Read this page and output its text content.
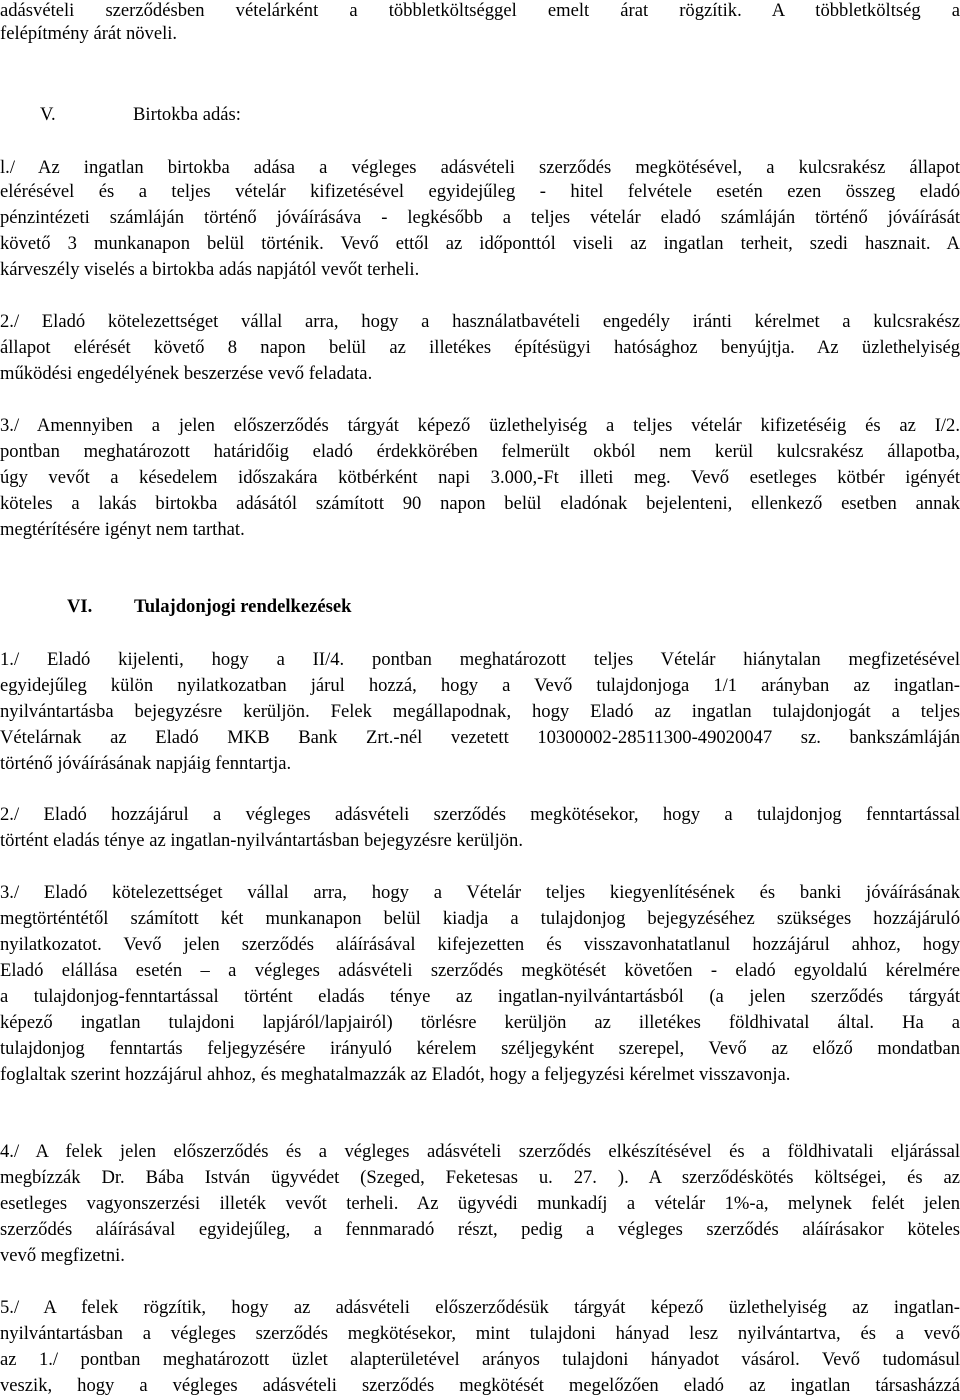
adásvételi szerződésben vételárként a többletköltséggel emelt árat rögzítik. A többletköltség a
felépítmény árát növeli.
V.	Birtokba adás:
l./ Az ingatlan birtokba adása a végleges adásvételi szerződés megkötésével, a kulcsrakész állapot
elérésével és a teljes vételár kifizetésével egyidejűleg - hitel felvétele esetén ezen összeg eladó
pénzintézeti számláján történő jóváírásáva - legkésőbb a teljes vételár eladó számláján történő jóváírását
követő 3 munkanapon belül történik. Vevő ettől az időponttól viseli az ingatlan terheit, szedi hasznait. A
kárveszély viselés a birtokba adás napjától vevőt terheli.
2./ Eladó kötelezettséget vállal arra, hogy a használatbavételi engedély iránti kérelmet a kulcsrakész
állapot elérését követő 8 napon belül az illetékes építésügyi hatósághoz benyújtja. Az üzlethelyiség
működési engedélyének beszerzése vevő feladata.
3./ Amennyiben a jelen előszerződés tárgyát képező üzlethelyiség a teljes vételár kifizetéséig és az I/2.
pontban meghatározott határidőig eladó érdekkörében felmerült okból nem kerül kulcsrakész állapotba,
úgy vevőt a késedelem időszakára kötbérként napi 3.000,-Ft illeti meg. Vevő esetleges kötbér igényét
köteles a lakás birtokba adásától számított 90 napon belül eladónak bejelenteni, ellenkező esetben annak
megtérítésére igényt nem tarthat.
VI. Tulajdonjogi rendelkezések
1./ Eladó kijelenti, hogy a II/4. pontban meghatározott teljes Vételár hiánytalan megfizetésével
egyidejűleg külön nyilatkozatban járul hozzá, hogy a Vevő tulajdonjoga 1/1 arányban az ingatlan-
nyilvántartásba bejegyzésre kerüljön. Felek megállapodnak, hogy Eladó az ingatlan tulajdonjogát a teljes
Vételárnak az Eladó MKB Bank Zrt.-nél vezetett 10300002-28511300-49020047 sz. bankszámláján
történő jóváírásának napjáig fenntartja.
2./ Eladó hozzájárul a végleges adásvételi szerződés megkötésekor, hogy a tulajdonjog fenntartással
történt eladás ténye az ingatlan-nyilvántartásban bejegyzésre kerüljön.
3./ Eladó kötelezettséget vállal arra, hogy a Vételár teljes kiegyenlítésének és banki jóváírásának
megtörténtétől számított két munkanapon belül kiadja a tulajdonjog bejegyzéséhez szükséges hozzájáruló
nyilatkozatot. Vevő jelen szerződés aláírásával kifejezetten és visszavonhatatlanul hozzájárul ahhoz, hogy
Eladó elállása esetén – a végleges adásvételi szerződés megkötését követően - eladó egyoldalú kérelmére
a tulajdonjog-fenntartással történt eladás ténye az ingatlan-nyilvántartásból (a jelen szerződés tárgyát
képező ingatlan tulajdoni lapjáról/lapjairól) törlésre kerüljön az illetékes földhivatal által. Ha a
tulajdonjog fenntartás feljegyzésére irányuló kérelem széljegyként szerepel, Vevő az előző mondatban
foglaltak szerint hozzájárul ahhoz, és meghatalmazzák az Eladót, hogy a feljegyzési kérelmet visszavonja.
4./ A felek jelen előszerződés és a végleges adásvételi szerződés elkészítésével és a földhivatali eljárással
megbízzák Dr. Bába István ügyvédet (Szeged, Feketesas u. 27. ). A szerződéskötés költségei, és az
esetleges vagyonszerzési illeték vevőt terheli. Az ügyvédi munkadíj a vételár 1%-a, melynek felét jelen
szerződés aláírásával egyidejűleg, a fennmaradó részt, pedig a végleges szerződés aláírásakor köteles
vevő megfizetni.
5./ A felek rögzítik, hogy az adásvételi előszerződésük tárgyát képező üzlethelyiség az ingatlan-
nyilvántartásban a végleges szerződés megkötésekor, mint tulajdoni hányad lesz nyilvántartva, és a vevő
az 1./ pontban meghatározott üzlet alapterületével arányos tulajdoni hányadot vásárol. Vevő tudomásul
veszik, hogy a végleges adásvételi szerződés megkötését megelőzően eladó az ingatlan társasházzá
